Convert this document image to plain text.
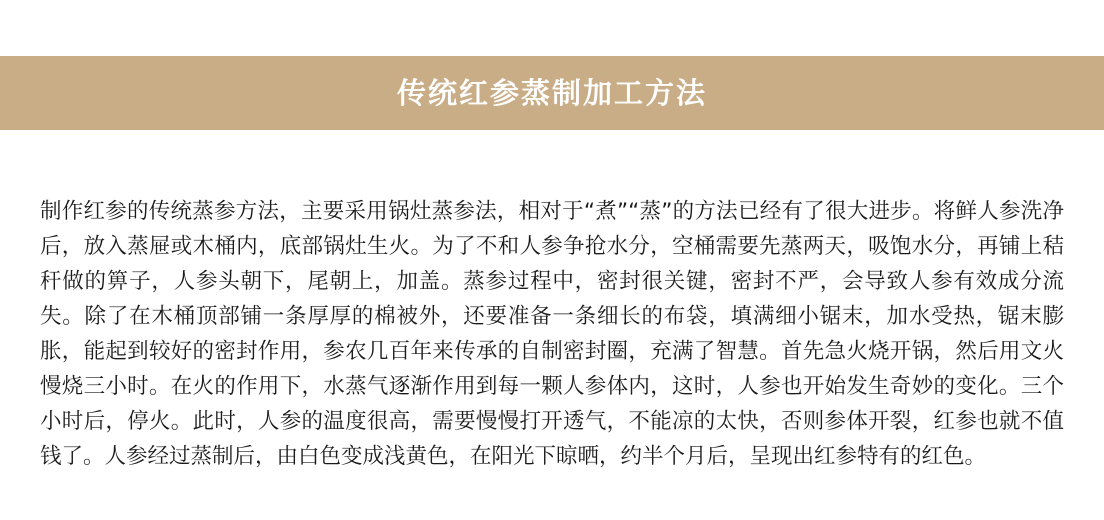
传统红参蒸制加工方法

制作红参的传统蒸参方法，主要采用锅灶蒸参法，相对于“煮”“蒸”的方法已经有了很大进步。将鲜人参洗净后，放入蒸屉或木桶内，底部锅灶生火。为了不和人参争抢水分，空桶需要先蒸两天，吸饱水分，再铺上秸秆做的箅子，人参头朝下，尾朝上，加盖。蒸参过程中，密封很关键，密封不严，会导致人参有效成分流失。除了在木桶顶部铺一条厚厚的棉被外，还要准备一条细长的布袋，填满细小锯末，加水受热，锯末膨胀，能起到较好的密封作用，参农几百年来传承的自制密封圈，充满了智慧。首先急火烧开锅，然后用文火慢烧三小时。在火的作用下，水蒸气逐渐作用到每一颗人参体内，这时，人参也开始发生奇妙的变化。三个小时后，停火。此时，人参的温度很高，需要慢慢打开透气，不能凉的太快，否则参体开裂，红参也就不值钱了。人参经过蒸制后，由白色变成浅黄色，在阳光下晾晒，约半个月后，呈现出红参特有的红色。
